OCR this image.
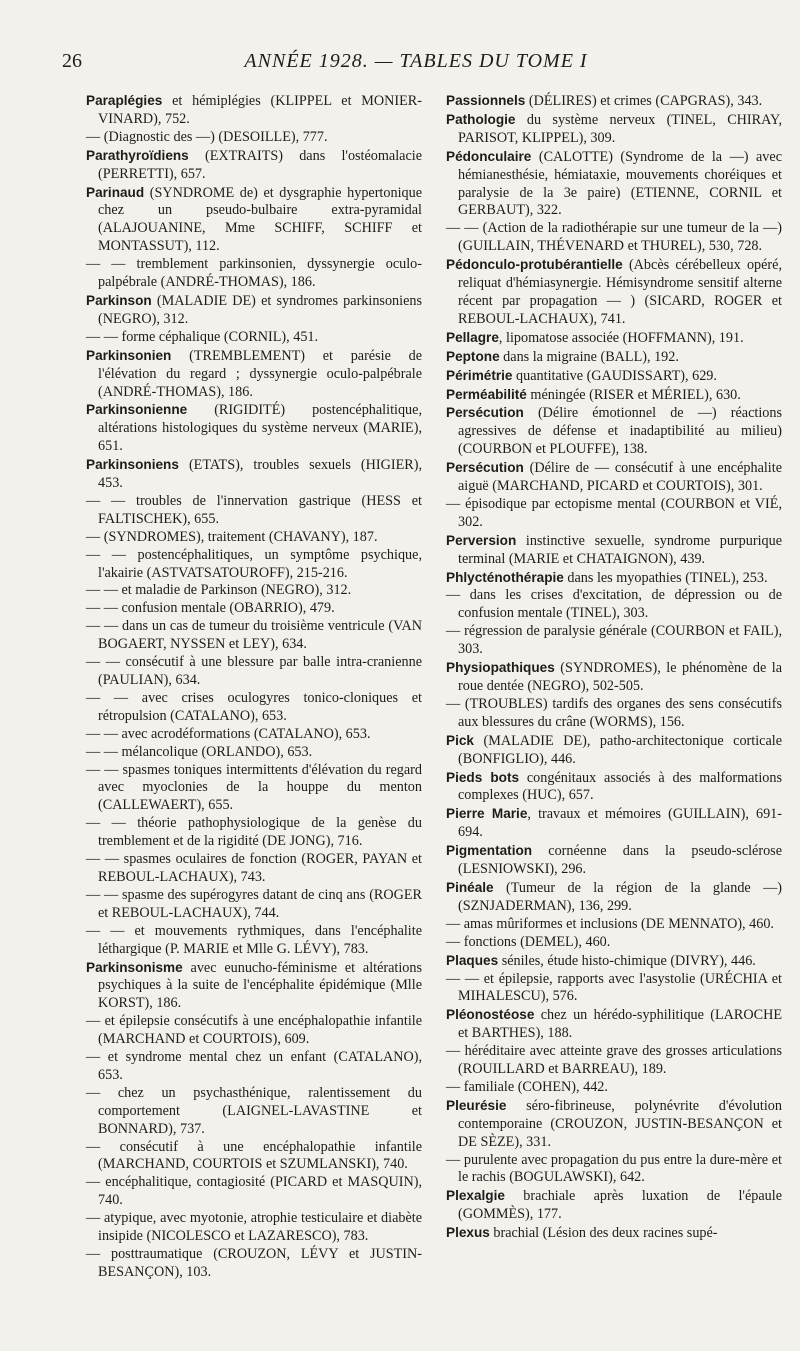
26	ANNÉE 1928. — TABLES DU TOME I

Paraplégies et hémiplégies (KLIPPEL et MONIER-VINARD), 752.

— (Diagnostic des —) (DESOILLE), 777.

Parathyroïdiens (EXTRAITS) dans l'ostéomalacie (PERRETTI), 657.

Parinaud (SYNDROME de) et dysgraphie hypertonique chez un pseudo-bulbaire extra-pyramidal (ALAJOUANINE, Mme SCHIFF, SCHIFF et MONTASSUT), 112.

— — tremblement parkinsonien, dyssynergie oculo-palpébrale (ANDRÉ-THOMAS), 186.

Parkinson (MALADIE DE) et syndromes parkinsoniens (NEGRO), 312.

— — forme céphalique (CORNIL), 451.

Parkinsonien (TREMBLEMENT) et parésie de l'élévation du regard ; dyssynergie oculo-palpébrale (ANDRÉ-THOMAS), 186.

Parkinsonienne (RIGIDITÉ) postencéphalitique, altérations histologiques du système nerveux (MARIE), 651.

Parkinsoniens (ETATS), troubles sexuels (HIGIER), 453.

— — troubles de l'innervation gastrique (HESS et FALTISCHEK), 655.

— (SYNDROMES), traitement (CHAVANY), 187.

— — postencéphalitiques, un symptôme psychique, l'akairie (ASTVATSATOUROFF), 215-216.

— — et maladie de Parkinson (NEGRO), 312.

— — confusion mentale (OBARRIO), 479.

— — dans un cas de tumeur du troisième ventricule (VAN BOGAERT, NYSSEN et LEY), 634.

— — consécutif à une blessure par balle intra-cranienne (PAULIAN), 634.

— — avec crises oculogyres tonico-cloniques et rétropulsion (CATALANO), 653.

— — avec acrodéformations (CATALANO), 653.

— — mélancolique (ORLANDO), 653.

— — spasmes toniques intermittents d'élévation du regard avec myoclonies de la houppe du menton (CALLEWAERT), 655.

— — théorie pathophysiologique de la genèse du tremblement et de la rigidité (DE JONG), 716.

— — spasmes oculaires de fonction (ROGER, PAYAN et REBOUL-LACHAUX), 743.

— — spasme des supérogyres datant de cinq ans (ROGER et REBOUL-LACHAUX), 744.

— — et mouvements rythmiques, dans l'encéphalite léthargique (P. MARIE et Mlle G. LÉVY), 783.

Parkinsonisme avec eunucho-féminisme et altérations psychiques à la suite de l'encéphalite épidémique (Mlle KORST), 186.

— et épilepsie consécutifs à une encéphalopathie infantile (MARCHAND et COURTOIS), 609.

— et syndrome mental chez un enfant (CATALANO), 653.

— chez un psychasthénique, ralentissement du comportement (LAIGNEL-LAVASTINE et BONNARD), 737.

— consécutif à une encéphalopathie infantile (MARCHAND, COURTOIS et SZUMLANSKI), 740.

— encéphalitique, contagiosité (PICARD et MASQUIN), 740.

— atypique, avec myotonie, atrophie testiculaire et diabète insipide (NICOLESCO et LAZARESCO), 783.

— posttraumatique (CROUZON, LÉVY et JUSTIN-BESANÇON), 103.

Passionnels (DÉLIRES) et crimes (CAPGRAS), 343.

Pathologie du système nerveux (TINEL, CHIRAY, PARISOT, KLIPPEL), 309.

Pédonculaire (CALOTTE) (Syndrome de la —) avec hémianesthésie, hémiataxie, mouvements choréiques et paralysie de la 3e paire) (ETIENNE, CORNIL et GERBAUT), 322.

— — (Action de la radiothérapie sur une tumeur de la —) (GUILLAIN, THÉVENARD et THUREL), 530, 728.

Pédonculo-protubérantielle (Abcès cérébelleux opéré, reliquat d'hémiasynergie. Hémisyndrome sensitif alterne récent par propagation — ) (SICARD, ROGER et REBOUL-LACHAUX), 741.

Pellagre, lipomatose associée (HOFFMANN), 191.

Peptone dans la migraine (BALL), 192.

Périmétrie quantitative (GAUDISSART), 629.

Perméabilité méningée (RISER et MÉRIEL), 630.

Persécution (Délire émotionnel de —) réactions agressives de défense et inadaptibilité au milieu) (COURBON et PLOUFFE), 138.

Persécution (Délire de — consécutif à une encéphalite aiguë (MARCHAND, PICARD et COURTOIS), 301.

— épisodique par ectopisme mental (COURBON et VIÉ, 302.

Perversion instinctive sexuelle, syndrome purpurique terminal (MARIE et CHATAIGNON), 439.

Phlycténothérapie dans les myopathies (TINEL), 253.

— dans les crises d'excitation, de dépression ou de confusion mentale (TINEL), 303.

— régression de paralysie générale (COURBON et FAIL), 303.

Physiopathiques (SYNDROMES), le phénomène de la roue dentée (NEGRO), 502-505.

— (TROUBLES) tardifs des organes des sens consécutifs aux blessures du crâne (WORMS), 156.

Pick (MALADIE DE), patho-architectonique corticale (BONFIGLIO), 446.

Pieds bots congénitaux associés à des malformations complexes (HUC), 657.

Pierre Marie, travaux et mémoires (GUILLAIN), 691-694.

Pigmentation cornéenne dans la pseudo-sclérose (LESNIOWSKI), 296.

Pinéale (Tumeur de la région de la glande —) (SZNJADERMAN), 136, 299.

— amas mûriformes et inclusions (DE MENNATO), 460.

— fonctions (DEMEL), 460.

Plaques séniles, étude histo-chimique (DIVRY), 446.

— — et épilepsie, rapports avec l'asystolie (URÉCHIA et MIHALESCU), 576.

Pléonostéose chez un hérédo-syphilitique (LAROCHE et BARTHES), 188.

— héréditaire avec atteinte grave des grosses articulations (ROUILLARD et BARREAU), 189.

— familiale (COHEN), 442.

Pleurésie séro-fibrineuse, polynévrite d'évolution contemporaine (CROUZON, JUSTIN-BESANÇON et DE SÈZE), 331.

— purulente avec propagation du pus entre la dure-mère et le rachis (BOGULAWSKI), 642.

Plexalgie brachiale après luxation de l'épaule (GOMMÈS), 177.

Plexus brachial (Lésion des deux racines supé-
